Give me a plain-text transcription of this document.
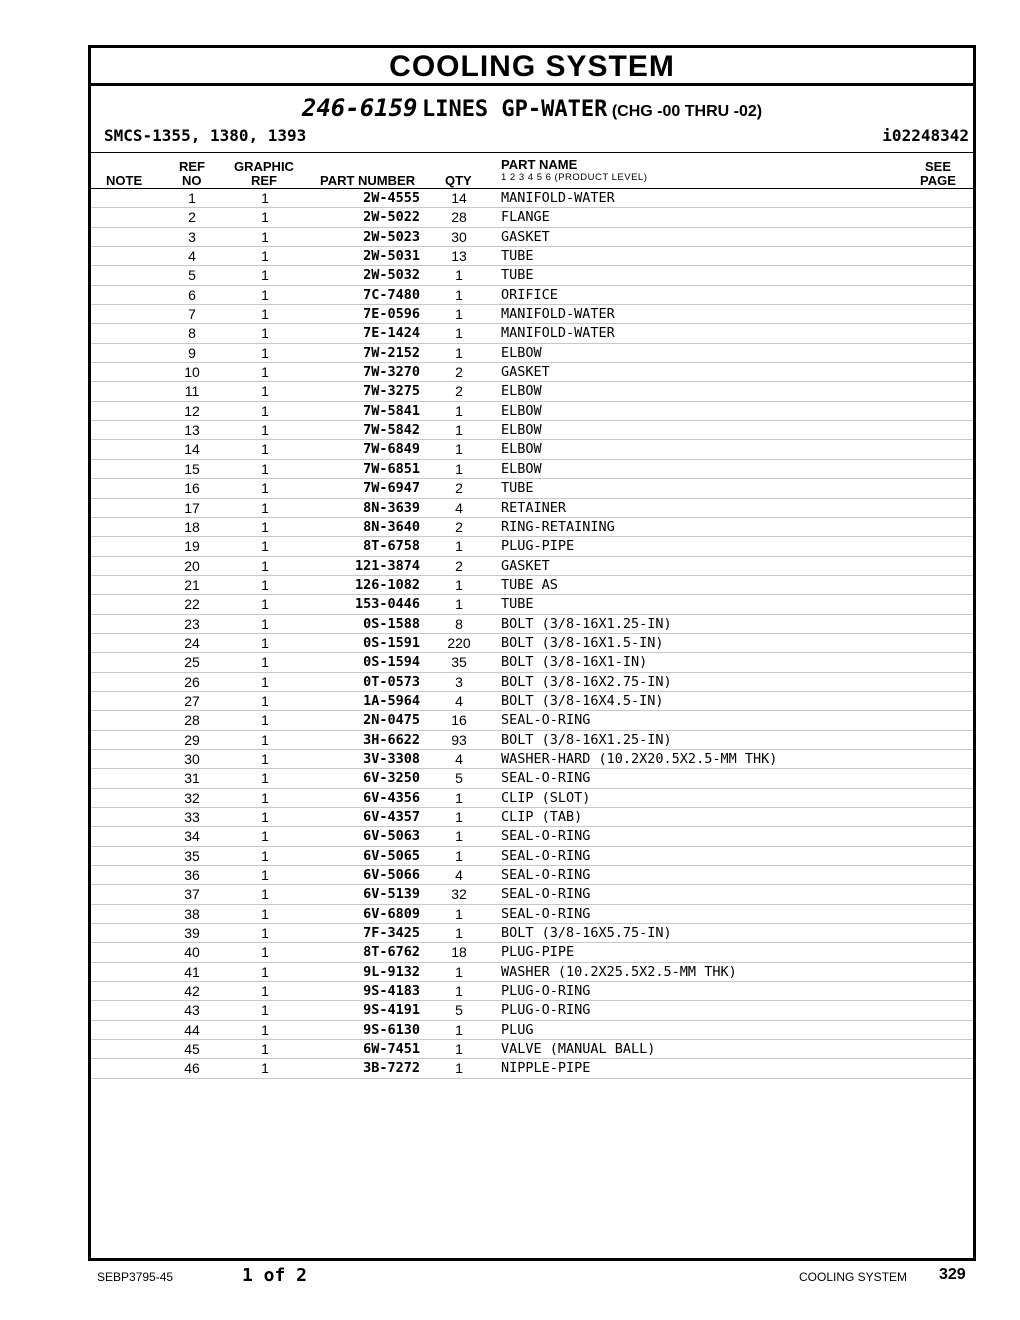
COOLING SYSTEM
246-6159 LINES GP-WATER (CHG -00 THRU -02)
SMCS-1355, 1380, 1393	i02248342
NOTE
REF
NO
GRAPHIC
REF	PART NUMBER QTY
PART NAME
1 2 3 4 5 6 (PRODUCT LEVEL)
SEE
PAGE
1	1	2W-4555	14	MANIFOLD-WATER
2	1	2W-5022	28	FLANGE
3	1	2W-5023	30	GASKET
4	1	2W-5031	13	TUBE
5	1	2W-5032	1	TUBE
6	1	7C-7480	1	ORIFICE
7	1	7E-0596	1	MANIFOLD-WATER
8	1	7E-1424	1	MANIFOLD-WATER
9	1	7W-2152	1	ELBOW
10	1	7W-3270	2	GASKET
11	1	7W-3275	2	ELBOW
12	1	7W-5841	1	ELBOW
13	1	7W-5842	1	ELBOW
14	1	7W-6849	1	ELBOW
15	1	7W-6851	1	ELBOW
16	1	7W-6947	2	TUBE
17	1	8N-3639	4	RETAINER
18	1	8N-3640	2	RING-RETAINING
19	1	8T-6758	1	PLUG-PIPE
20	1	121-3874	2	GASKET
21	1	126-1082	1	TUBE AS
22	1	153-0446	1	TUBE
23	1	0S-1588	8	BOLT (3/8-16X1.25-IN)
24	1	0S-1591	220	BOLT (3/8-16X1.5-IN)
25	1	0S-1594	35	BOLT (3/8-16X1-IN)
26	1	0T-0573	3	BOLT (3/8-16X2.75-IN)
27	1	1A-5964	4	BOLT (3/8-16X4.5-IN)
28	1	2N-0475	16	SEAL-O-RING
29	1	3H-6622	93	BOLT (3/8-16X1.25-IN)
30	1	3V-3308	4	WASHER-HARD (10.2X20.5X2.5-MM THK)
31	1	6V-3250	5	SEAL-O-RING
32	1	6V-4356	1	CLIP (SLOT)
33	1	6V-4357	1	CLIP (TAB)
34	1	6V-5063	1	SEAL-O-RING
35	1	6V-5065	1	SEAL-O-RING
36	1	6V-5066	4	SEAL-O-RING
37	1	6V-5139	32	SEAL-O-RING
38	1	6V-6809	1	SEAL-O-RING
39	1	7F-3425	1	BOLT (3/8-16X5.75-IN)
40	1	8T-6762	18	PLUG-PIPE
41	1	9L-9132	1	WASHER (10.2X25.5X2.5-MM THK)
42	1	9S-4183	1	PLUG-O-RING
43	1	9S-4191	5	PLUG-O-RING
44	1	9S-6130	1	PLUG
45	1	6W-7451	1	VALVE (MANUAL BALL)
46	1	3B-7272	1	NIPPLE-PIPE
SEBP3795-45	1 of 2	COOLING SYSTEM 329
